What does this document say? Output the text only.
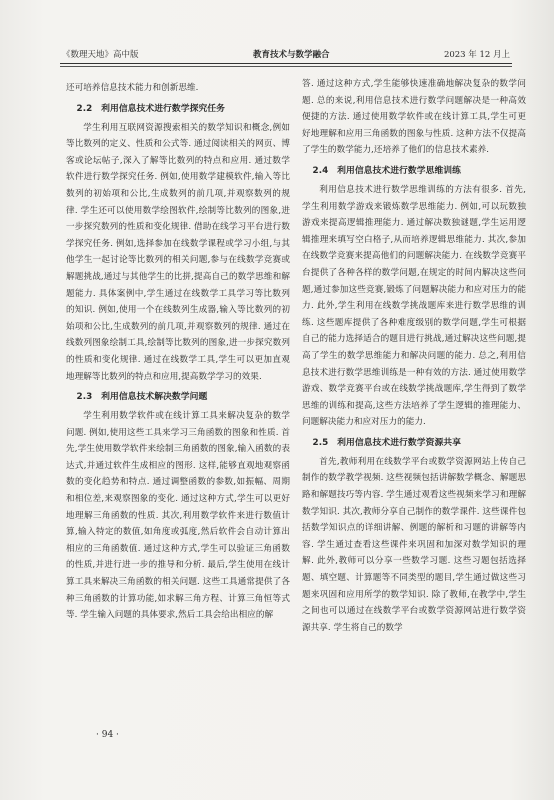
《数理天地》高中版	教育技术与数学融合	2023 年 12 月上

还可培养信息技术能力和创新思维.

2.2　利用信息技术进行数学探究任务

学生利用互联网资源搜索相关的数学知识和概念,例如等比数列的定义、性质和公式等. 通过阅读相关的网页、博客或论坛帖子,深入了解等比数列的特点和应用. 通过数学软件进行数学探究任务. 例如,使用数学建模软件,输入等比数列的初始项和公比,生成数列的前几项,并观察数列的规律. 学生还可以使用数学绘图软件,绘制等比数列的图象,进一步探究数列的性质和变化规律. 借助在线学习平台进行数学探究任务. 例如,选择参加在线数学课程或学习小组,与其他学生一起讨论等比数列的相关问题,参与在线数学竞赛或解题挑战,通过与其他学生的比拼,提高自己的数学思维和解题能力. 具体案例中,学生通过在线数学工具学习等比数列的知识. 例如,使用一个在线数列生成器,输入等比数列的初始项和公比,生成数列的前几项,并观察数列的规律. 通过在线数列图象绘制工具,绘制等比数列的图象,进一步探究数列的性质和变化规律. 通过在线数学工具,学生可以更加直观地理解等比数列的特点和应用,提高数学学习的效果.

2.3　利用信息技术解决数学问题

学生利用数学软件或在线计算工具来解决复杂的数学问题. 例如,使用这些工具来学习三角函数的图象和性质. 首先,学生使用数学软件来绘制三角函数的图象,输入函数的表达式,并通过软件生成相应的图形. 这样,能够直观地观察函数的变化趋势和特点. 通过调整函数的参数,如振幅、周期和相位差,来观察图象的变化. 通过这种方式,学生可以更好地理解三角函数的性质. 其次,利用数学软件来进行数值计算,输入特定的数值,如角度或弧度,然后软件会自动计算出相应的三角函数值. 通过这种方式,学生可以验证三角函数的性质,并进行进一步的推导和分析. 最后,学生使用在线计算工具来解决三角函数的相关问题. 这些工具通常提供了各种三角函数的计算功能,如求解三角方程、计算三角恒等式等. 学生输入问题的具体要求,然后工具会给出相应的解

答. 通过这种方式,学生能够快速准确地解决复杂的数学问题. 总的来说,利用信息技术进行数学问题解决是一种高效便捷的方法. 通过使用数学软件或在线计算工具,学生可更好地理解和应用三角函数的图象与性质. 这种方法不仅提高了学生的数学能力,还培养了他们的信息技术素养.

2.4　利用信息技术进行数学思维训练

利用信息技术进行数学思维训练的方法有很多. 首先,学生利用数学游戏来锻炼数学思维能力. 例如,可以玩数独游戏来提高逻辑推理能力. 通过解决数独谜题,学生运用逻辑推理来填写空白格子,从而培养逻辑思维能力. 其次,参加在线数学竞赛来提高他们的问题解决能力. 在线数学竞赛平台提供了各种各样的数学问题,在规定的时间内解决这些问题,通过参加这些竞赛,锻炼了问题解决能力和应对压力的能力. 此外,学生利用在线数学挑战题库来进行数学思维的训练. 这些题库提供了各种难度级别的数学问题,学生可根据自己的能力选择适合的题目进行挑战,通过解决这些问题,提高了学生的数学思维能力和解决问题的能力. 总之,利用信息技术进行数学思维训练是一种有效的方法. 通过使用数学游戏、数学竞赛平台或在线数学挑战题库,学生得到了数学思维的训练和提高,这些方法培养了学生逻辑的推理能力、问题解决能力和应对压力的能力.

2.5　利用信息技术进行数学资源共享

首先,教师利用在线数学平台或数学资源网站上传自己制作的数学教学视频. 这些视频包括讲解数学概念、解题思路和解题技巧等内容. 学生通过观看这些视频来学习和理解数学知识. 其次,教师分享自己制作的数学课件. 这些课件包括数学知识点的详细讲解、例题的解析和习题的讲解等内容. 学生通过查看这些课件来巩固和加深对数学知识的理解. 此外,教师可以分享一些数学习题. 这些习题包括选择题、填空题、计算题等不同类型的题目,学生通过做这些习题来巩固和应用所学的数学知识. 除了教师,在教学中,学生之间也可以通过在线数学平台或数学资源网站进行数学资源共享. 学生将自己的数学

· 94 ·
